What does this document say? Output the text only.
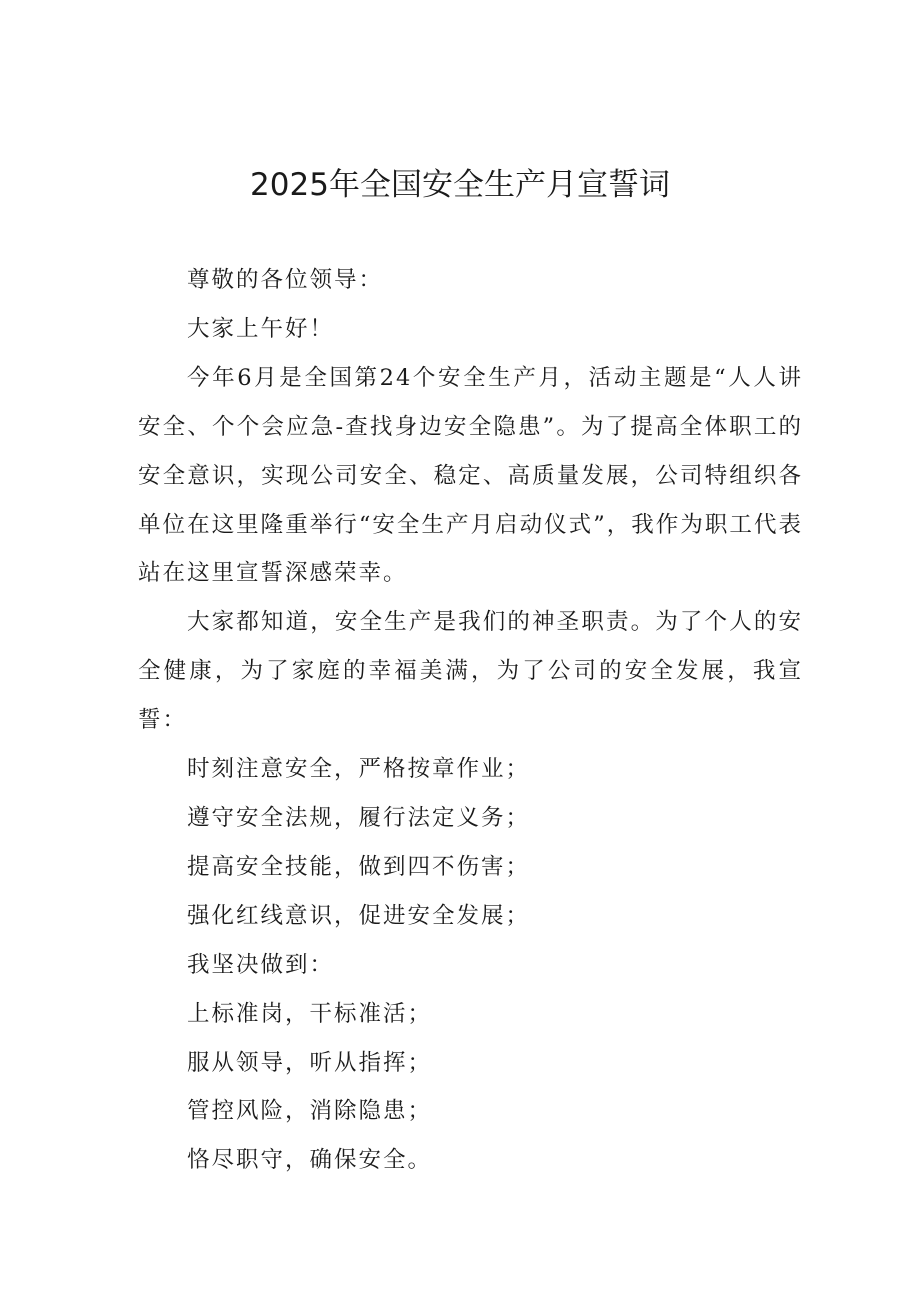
2025年全国安全生产月宣誓词

尊敬的各位领导：

大家上午好！

今年6月是全国第24个安全生产月，活动主题是“人人讲安全、个个会应急-查找身边安全隐患”。为了提高全体职工的安全意识，实现公司安全、稳定、高质量发展，公司特组织各单位在这里隆重举行“安全生产月启动仪式”，我作为职工代表站在这里宣誓深感荣幸。

大家都知道，安全生产是我们的神圣职责。为了个人的安全健康，为了家庭的幸福美满，为了公司的安全发展，我宣誓：

时刻注意安全，严格按章作业；

遵守安全法规，履行法定义务；

提高安全技能，做到四不伤害；

强化红线意识，促进安全发展；

我坚决做到：

上标准岗，干标准活；

服从领导，听从指挥；

管控风险，消除隐患；

恪尽职守，确保安全。
